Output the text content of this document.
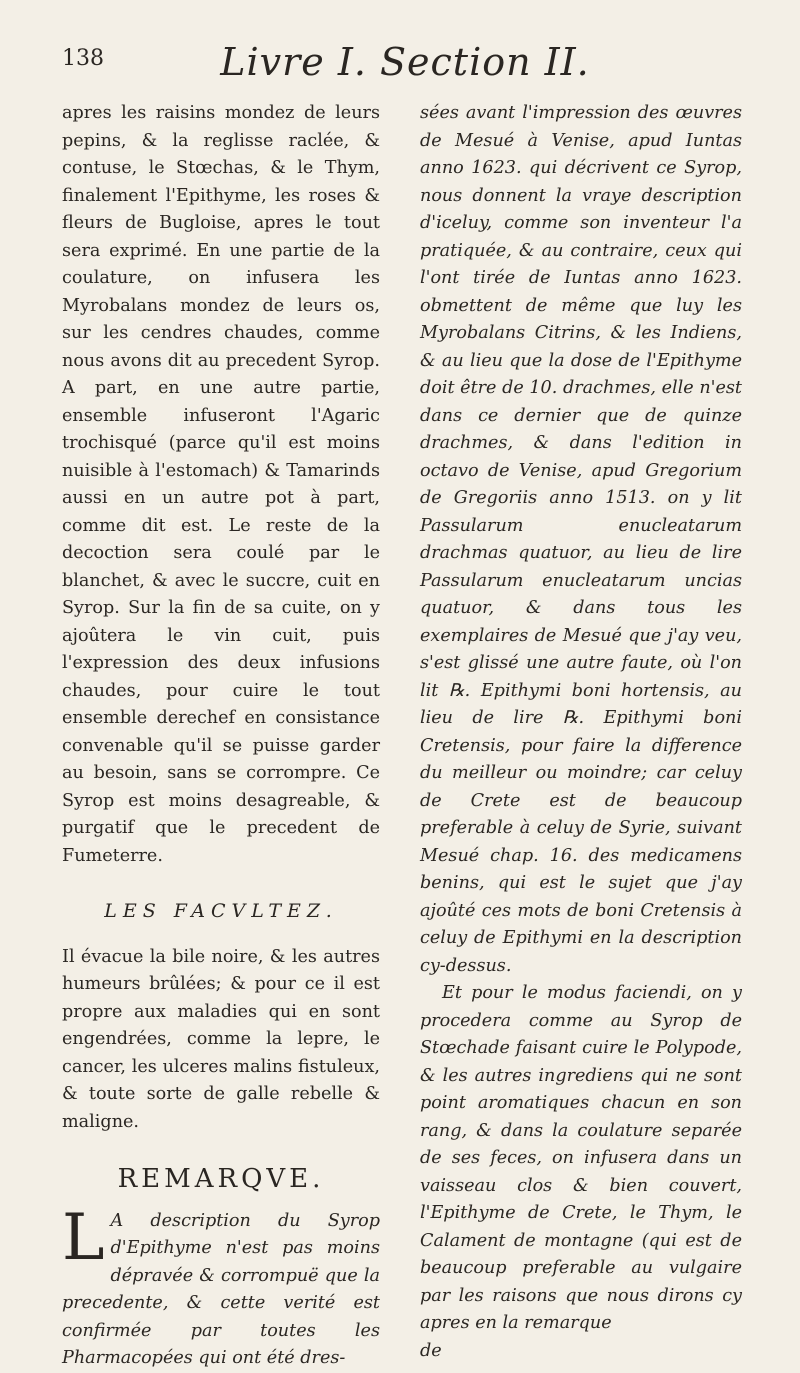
138	Livre I. Section II.

apres les raisins mondez de leurs pepins, & la reglisse raclée, & contuse, le Stœchas, & le Thym, finalement l'Epithyme, les roses & fleurs de Bugloise, apres le tout sera exprimé. En une partie de la coulature, on infusera les Myrobalans mondez de leurs os, sur les cendres chaudes, comme nous avons dit au precedent Syrop. A part, en une autre partie, ensemble infuseront l'Agaric trochisqué (parce qu'il est moins nuisible à l'estomach) & Tamarinds aussi en un autre pot à part, comme dit est. Le reste de la decoction sera coulé par le blanchet, & avec le succre, cuit en Syrop. Sur la fin de sa cuite, on y ajoûtera le vin cuit, puis l'expression des deux infusions chaudes, pour cuire le tout ensemble derechef en consistance convenable qu'il se puisse garder au besoin, sans se corrompre. Ce Syrop est moins desagreable, & purgatif que le precedent de Fumeterre.

LES FACVLTEZ.

Il évacue la bile noire, & les autres humeurs brûlées; & pour ce il est propre aux maladies qui en sont engendrées, comme la lepre, le cancer, les ulceres malins fistuleux, & toute sorte de galle rebelle & maligne.

REMARQVE.
L A description du Syrop d'Epithyme n'est pas moins dépravée & corrompuë que la precedente, & cette verité est confirmée par toutes les Pharmacopées qui ont été dres-

sées avant l'impression des œuvres de Mesué à Venise, apud Iuntas anno 1623. qui décrivent ce Syrop, nous donnent la vraye description d'iceluy, comme son inventeur l'a pratiquée, & au contraire, ceux qui l'ont tirée de Iuntas anno 1623. obmettent de même que luy les Myrobalans Citrins, & les Indiens, & au lieu que la dose de l'Epithyme doit être de 10. drachmes, elle n'est dans ce dernier que de quinze drachmes, & dans l'edition in octavo de Venise, apud Gregorium de Gregoriis anno 1513. on y lit Passularum enucleatarum drachmas quatuor, au lieu de lire Passularum enucleatarum uncias quatuor, & dans tous les exemplaires de Mesué que j'ay veu, s'est glissé une autre faute, où l'on lit ℞. Epithymi boni hortensis, au lieu de lire ℞. Epithymi boni Cretensis, pour faire la difference du meilleur ou moindre; car celuy de Crete est de beaucoup preferable à celuy de Syrie, suivant Mesué chap. 16. des medicamens benins, qui est le sujet que j'ay ajoûté ces mots de boni Cretensis à celuy de Epithymi en la description cy-dessus.

Et pour le modus faciendi, on y procedera comme au Syrop de Stœchade faisant cuire le Polypode, & les autres ingrediens qui ne sont point aromatiques chacun en son rang, & dans la coulature separée de ses feces, on infusera dans un vaisseau clos & bien couvert, l'Epithyme de Crete, le Thym, le Calament de montagne (qui est de beaucoup preferable au vulgaire par les raisons que nous dirons cy apres en la remarque

de
